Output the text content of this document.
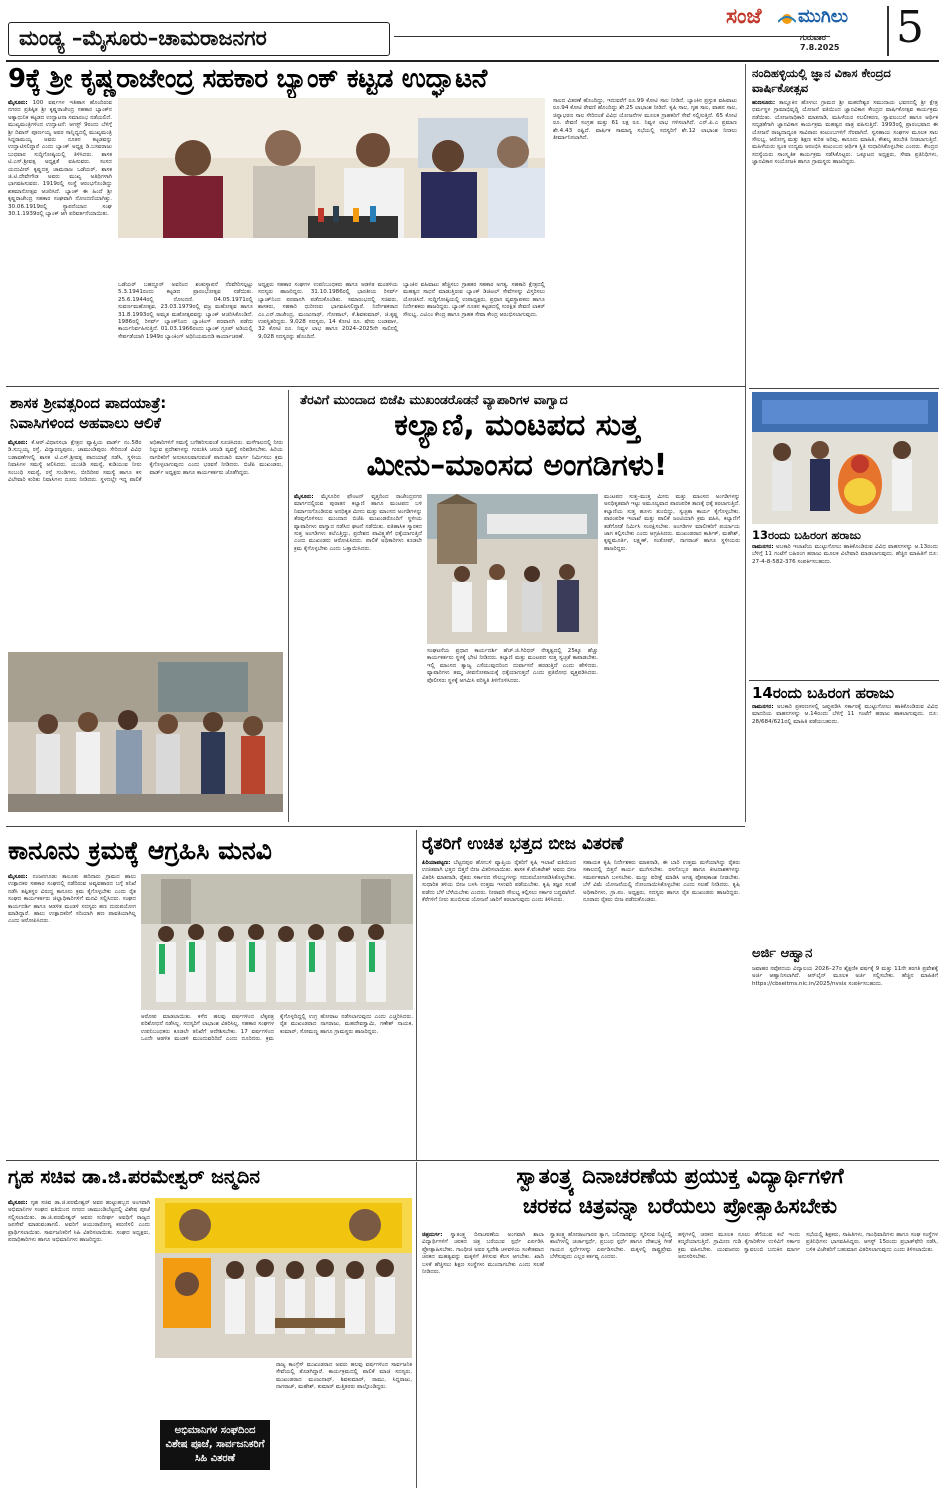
ಮಂಡ್ಯ –ಮೈಸೂರು–ಚಾಮರಾಜನಗರ
ಸಂಜೆ ಮುಗಿಲು
ಗುರುವಾರ
7.8.2025 5
9ಕ್ಕೆ ಶ್ರೀ ಕೃಷ್ಣರಾಜೇಂದ್ರ ಸಹಕಾರ ಬ್ಯಾಂಕ್ ಕಟ್ಟಡ ಉದ್ಘಾಟನೆ
ಮೈಸೂರು: 100 ವರ್ಷಗಳ ಇತಿಹಾಸ ಹೊಂದಿರುವ ನಗರದ ಪ್ರತಿಷ್ಠಿತ ಶ್ರೀ ಕೃಷ್ಣರಾಜೇಂದ್ರ ಸಹಕಾರ ಬ್ಯಾಂಕ್‌ನ ಅತ್ಯಾಧುನಿಕ ಕಟ್ಟಡದ ಉದ್ಘಾಟನಾ ಸಮಾರಂಭ ನಡೆಯಲಿದೆ. ಮುಖ್ಯಮಂತ್ರಿಗಳಿಂದ ಉದ್ಘಾಟನೆ: ಆಗಸ್ಟ್ 9ರಂದು ಬೆಳಿಗ್ಗೆ ಶ್ರೀ ದಿವಾನ್ ಪೂರ್ಣಯ್ಯ ಅವರ ಸಾನ್ನಿಧ್ಯದಲ್ಲಿ ಮುಖ್ಯಮಂತ್ರಿ ಸಿದ್ದರಾಮಯ್ಯ ಅವರು ನೂತನ ಕಟ್ಟಡವನ್ನು ಉದ್ಘಾಟಿಸಲಿದ್ದಾರೆ ಎಂದು ಬ್ಯಾಂಕ್ ಅಧ್ಯಕ್ಷ ಡಿ.ಬಸವರಾಜು ಬುಧವಾರ ಸುದ್ದಿಗೋಷ್ಠಿಯಲ್ಲಿ ತಿಳಿಸಿದರು. ಶಾಸಕ ಟಿ.ಎಸ್.ಶ್ರೀವತ್ಸ ಅಧ್ಯಕ್ಷತೆ ವಹಿಸುವರು. ಸಂಸದ ಯದುವೀರ್ ಕೃಷ್ಣದತ್ತ ಚಾಮರಾಜ ಒಡೆಯರ್, ಶಾಸಕ ಜಿ.ಟಿ.ದೇವೇಗೌಡ ಅವರು ಮುಖ್ಯ ಅತಿಥಿಗಳಾಗಿ ಭಾಗವಹಿಸುವರು. 1919ರಲ್ಲಿ ಸಂಸ್ಥೆ ಆರಂಭಗೊಂಡಿದ್ದು ಶತಮಾನೋತ್ಸವ ಆಚರಿಸಿದೆ. ಬ್ಯಾಂಕ್ ಈ ಹಿಂದೆ ಶ್ರೀ ಕೃಷ್ಣರಾಜೇಂದ್ರ ಸಹಕಾರ ಸಂಘವಾಗಿ ನೋಂದಣಿಯಾಗಿತ್ತು. 30.06.1919ರಲ್ಲಿ ಸ್ಥಾಪನೆಯಾದ ಸಂಘ 30.1.1939ರಲ್ಲಿ ಬ್ಯಾಂಕ್ ಆಗಿ ಪರಿವರ್ತನೆಯಾಯಿತು.
ಒಡೆಯರ್ ಬಹದ್ದೂರ್ ಅವರಿಂದ ಶಂಕುಸ್ಥಾಪನೆ ನೆರವೇರಿಸಲ್ಪಟ್ಟು 5.3.1941ರಂದು ಕಟ್ಟಡದ ಪ್ರಾರಂಭೋತ್ಸವ ನಡೆಯಿತು. 25.6.1944ರಲ್ಲಿ ನೋಂದಣಿ. 04.05.1971ರಲ್ಲಿ ಸುವರ್ಣಮಹೋತ್ಸವ, 23.03.1979ರಲ್ಲಿ ವಜ್ರ ಮಹೋತ್ಸವ ಹಾಗೂ 31.8.1993ರಲ್ಲಿ ಅಮೃತ ಮಹೋತ್ಸವವನ್ನು ಬ್ಯಾಂಕ್ ಆಚರಿಸಿಕೊಂಡಿದೆ. 1986ರಲ್ಲಿ ರಿಸರ್ವ್ ಬ್ಯಾಂಕ್‌ನಿಂದ ಬ್ಯಾಂಕಿಂಗ್ ಪರವಾನಗಿ ಪಡೆದು ಕಾರ್ಯನಿರ್ವಹಿಸುತ್ತಿದೆ. 01.03.1966ರಂದು ಬ್ಯಾಂಕ್ ಗ್ರೂಪ್ ಅಡಿಯಲ್ಲಿ ಸೇರ್ಪಡೆಯಾಗಿ 1949ರ ಬ್ಯಾಂಕಿಂಗ್ ಅಧಿನಿಯಮದಡಿ ಕಾರ್ಯಾಚರಣೆ.
ಅಧ್ಯಕ್ಷರು ಸಹಕಾರ ಸಂಘಗಳ ಉಪನಿಬಂಧಕರು ಹಾಗೂ ಆಡಳಿತ ಮಂಡಳಿಯ ಸದಸ್ಯರು ಹಾಜರಿದ್ದರು. 31.10.1986ರಲ್ಲಿ ಭಾರತೀಯ ರಿಸರ್ವ್ ಬ್ಯಾಂಕ್‌ನಿಂದ ಪರವಾನಗಿ ಪಡೆದುಕೊಂಡಿತು. ಸಮಾರಂಭದಲ್ಲಿ ಸಚಿವರು, ಶಾಸಕರು, ಸಹಕಾರಿ ಧುರೀಣರು ಭಾಗವಹಿಸಲಿದ್ದಾರೆ. ನಿರ್ದೇಶಕರಾದ ಎಂ.ಎನ್.ರಾಜೇಂದ್ರ, ಮಂಜುನಾಥ್, ಗೋಪಾಲ್, ಕೆ.ಶಿವಕುಮಾರ್, ಜಿ.ಕೃಷ್ಣ ಉಪಸ್ಥಿತರಿದ್ದರು. 9,028 ಸದಸ್ಯರು, 14 ಕೋಟಿ ರೂ. ಷೇರು ಬಂಡವಾಳ, 32 ಕೋಟಿ ರೂ. ನಿವ್ವಳ ಲಾಭ ಹಾಗೂ 2024–2025ನೇ ಸಾಲಿನಲ್ಲಿ 9,028 ಸದಸ್ಯರನ್ನು ಹೊಂದಿದೆ.
ಬ್ಯಾಂಕಿನ ವಹಿವಾಟು ಹೆಚ್ಚಿಸಲು ಗ್ರಾಹಕರ ಸಹಕಾರ ಅಗತ್ಯ. ಸಹಕಾರಿ ಕ್ಷೇತ್ರದಲ್ಲಿ ಮಹತ್ವದ ಸಾಧನೆ ಮಾಡುತ್ತಿರುವ ಬ್ಯಾಂಕ್ ಡಿಜಿಟಲ್ ಸೇವೆಗಳನ್ನು ವಿಸ್ತರಿಸಲು ಯೋಜಿಸಿದೆ. ಸುದ್ದಿಗೋಷ್ಠಿಯಲ್ಲಿ ಉಪಾಧ್ಯಕ್ಷರು, ಪ್ರಧಾನ ವ್ಯವಸ್ಥಾಪಕರು ಹಾಗೂ ನಿರ್ದೇಶಕರು ಹಾಜರಿದ್ದರು. ಬ್ಯಾಂಕ್ ನೂತನ ಕಟ್ಟಡದಲ್ಲಿ ಸುರಕ್ಷಿತ ಠೇವಣಿ ಲಾಕರ್ ಸೌಲಭ್ಯ, ಎಟಿಎಂ ಕೇಂದ್ರ ಹಾಗೂ ಗ್ರಾಹಕ ಸೇವಾ ಕೇಂದ್ರ ಆರಂಭಿಸಲಾಗುವುದು.
ಸಾಲದ ವಿತರಣೆ ಹೊಂದಿದ್ದು, ಇದುವರೆಗೆ ರೂ.99 ಕೋಟಿ ಸಾಲ ನೀಡಿದೆ. ಬ್ಯಾಂಕಿನ ಪ್ರಸ್ತುತ ವಹಿವಾಟು ರೂ.94 ಕೋಟಿ ಠೇವಣಿ ಹೊಂದಿದ್ದು ಶೇ.25 ಲಾಭಾಂಶ ನೀಡಿದೆ. ಕೃಷಿ ಸಾಲ, ಗೃಹ ಸಾಲ, ವಾಹನ ಸಾಲ, ಚಿನ್ನಾಭರಣ ಸಾಲ ಸೇರಿದಂತೆ ವಿವಿಧ ಯೋಜನೆಗಳ ಮೂಲಕ ಗ್ರಾಹಕರಿಗೆ ಸೇವೆ ಸಲ್ಲಿಸುತ್ತಿದೆ. 65 ಕೋಟಿ ರೂ. ಠೇವಣಿ ಸಂಗ್ರಹ ಮತ್ತು 61 ಲಕ್ಷ ರೂ. ನಿವ್ವಳ ಲಾಭ ಗಳಿಸಲಾಗಿದೆ. ಎನ್.ಪಿ.ಎ ಪ್ರಮಾಣ ಶೇ.4.43 ರಷ್ಟಿದೆ. ವಾರ್ಷಿಕ ಸಾಮಾನ್ಯ ಸಭೆಯಲ್ಲಿ ಸದಸ್ಯರಿಗೆ ಶೇ.12 ಲಾಭಾಂಶ ನೀಡಲು ತೀರ್ಮಾನಿಸಲಾಗಿದೆ.
ನಂದಿಹಳ್ಳಿಯಲ್ಲಿ ಜ್ಞಾನ ವಿಕಾಸ ಕೇಂದ್ರದ ವಾರ್ಷಿಕೋತ್ಸವ
ಹುಣಸೂರು: ತಾಲ್ಲೂಕಿನ ಹೊಳಲು ಗ್ರಾಮದ ಶ್ರೀ ಮಹದೇಶ್ವರ ಸಮುದಾಯ ಭವನದಲ್ಲಿ ಶ್ರೀ ಕ್ಷೇತ್ರ ಧರ್ಮಸ್ಥಳ ಗ್ರಾಮಾಭಿವೃದ್ಧಿ ಯೋಜನೆ ವತಿಯಿಂದ ಜ್ಞಾನವಿಕಾಸ ಕೇಂದ್ರದ ವಾರ್ಷಿಕೋತ್ಸವ ಕಾರ್ಯಕ್ರಮ ನಡೆಯಿತು. ಯೋಜನಾಧಿಕಾರಿ ಮಾತನಾಡಿ, ಮಹಿಳೆಯರ ಸಬಲೀಕರಣ, ಸ್ವಾವಲಂಬನೆ ಹಾಗೂ ಆರ್ಥಿಕ ಸದೃಢತೆಗಾಗಿ ಜ್ಞಾನವಿಕಾಸ ಕಾರ್ಯಕ್ರಮ ಮಹತ್ವದ ಪಾತ್ರ ವಹಿಸುತ್ತಿದೆ. 1993ರಲ್ಲಿ ಪ್ರಾರಂಭವಾದ ಈ ಯೋಜನೆ ರಾಜ್ಯದಾದ್ಯಂತ ಸಾವಿರಾರು ಕುಟುಂಬಗಳಿಗೆ ನೆರವಾಗಿದೆ. ಸ್ವಸಹಾಯ ಸಂಘಗಳ ಮೂಲಕ ಸಾಲ ಸೌಲಭ್ಯ, ಆರೋಗ್ಯ ಮತ್ತು ಶಿಕ್ಷಣ ಕುರಿತ ಅರಿವು, ಕಾನೂನು ಮಾಹಿತಿ, ಕೌಶಲ್ಯ ತರಬೇತಿ ನೀಡಲಾಗುತ್ತಿದೆ. ಮಹಿಳೆಯರು ಸ್ವಂತ ಉದ್ಯಮ ಆರಂಭಿಸಿ ಕುಟುಂಬದ ಆರ್ಥಿಕ ಸ್ಥಿತಿ ಸುಧಾರಿಸಿಕೊಳ್ಳಬೇಕು ಎಂದರು. ಕೇಂದ್ರದ ಸದಸ್ಯೆಯರು ಸಾಂಸ್ಕೃತಿಕ ಕಾರ್ಯಕ್ರಮ ನಡೆಸಿಕೊಟ್ಟರು. ಒಕ್ಕೂಟದ ಅಧ್ಯಕ್ಷರು, ಸೇವಾ ಪ್ರತಿನಿಧಿಗಳು, ಜ್ಞಾನವಿಕಾಸ ಸಂಯೋಜಕಿ ಹಾಗೂ ಗ್ರಾಮಸ್ಥರು ಹಾಜರಿದ್ದರು.
ಶಾಸಕ ಶ್ರೀವತ್ಸರಿಂದ ಪಾದಯಾತ್ರೆ:
ನಿವಾಸಿಗಳಿಂದ ಅಹವಾಲು ಆಲಿಕೆ
ಮೈಸೂರು: ಕೆ.ಆರ್.ವಿಧಾನಸಭಾ ಕ್ಷೇತ್ರದ ವ್ಯಾಪ್ತಿಯ ವಾರ್ಡ್ ನಂ.58ರ ಡಿ.ಸುಬ್ಬಯ್ಯ ರಸ್ತೆ, ವಿದ್ಯಾರಣ್ಯಪುರಂ, ಚಾಮುಂಡಿಪುರಂ ಸೇರಿದಂತೆ ವಿವಿಧ ಬಡಾವಣೆಗಳಲ್ಲಿ ಶಾಸಕ ಟಿ.ಎಸ್.ಶ್ರೀವತ್ಸ ಪಾದಯಾತ್ರೆ ನಡೆಸಿ, ಸ್ಥಳೀಯ ನಿವಾಸಿಗಳ ಸಮಸ್ಯೆ ಆಲಿಸಿದರು. ಯುಜಿಡಿ ಸಮಸ್ಯೆ, ಕುಡಿಯುವ ನೀರು ಸಂಬಂಧಿ ಸಮಸ್ಯೆ, ರಸ್ತೆ ಗುಂಡಿಗಳು, ಬೀದಿದೀಪ ಸಮಸ್ಯೆ ಹಾಗೂ ಕಸ ವಿಲೇವಾರಿ ಕುರಿತು ನಿವಾಸಿಗಳು ದೂರು ನೀಡಿದರು. ಸ್ಥಳದಲ್ಲೇ ಇದ್ದ ಪಾಲಿಕೆ ಅಧಿಕಾರಿಗಳಿಗೆ ಸಮಸ್ಯೆ ಬಗೆಹರಿಸುವಂತೆ ಸೂಚಿಸಿದರು. ಮಳೆಗಾಲದಲ್ಲಿ ನೀರು ನಿಲ್ಲುವ ಪ್ರದೇಶಗಳನ್ನು ಗುರುತಿಸಿ ಚರಂಡಿ ವ್ಯವಸ್ಥೆ ಸರಿಪಡಿಸಬೇಕು. ಹಿರಿಯ ನಾಗರಿಕರಿಗೆ ಅನುಕೂಲವಾಗುವಂತೆ ಪಾದಚಾರಿ ಮಾರ್ಗ ನಿರ್ಮಿಸಲು ಕ್ರಮ ಕೈಗೊಳ್ಳಲಾಗುವುದು ಎಂದು ಭರವಸೆ ನೀಡಿದರು. ಬಿಜೆಪಿ ಮುಖಂಡರು, ವಾರ್ಡ್ ಅಧ್ಯಕ್ಷರು ಹಾಗೂ ಕಾರ್ಯಕರ್ತರು ಜೊತೆಗಿದ್ದರು.
ತೆರವಿಗೆ ಮುಂದಾದ ಬಿಜೆಪಿ ಮುಖಂಡರೊಡನೆ ವ್ಯಾಪಾರಿಗಳ ವಾಗ್ವಾದ
ಕಲ್ಯಾಣಿ, ಮಂಟಪದ ಸುತ್ತ
ಮೀನು–ಮಾಂಸದ ಅಂಗಡಿಗಳು!
ಮೈಸೂರು: ಮೈಸೂರಿನ ಫೌಂಟನ್ ವೃತ್ತದಿಂದ ರಾಜೇಂದ್ರನಗರ ಮಾರ್ಗದಲ್ಲಿರುವ ಪುರಾತನ ಕಲ್ಯಾಣಿ ಹಾಗೂ ಮಂಟಪದ ಬಳಿ ನಿರ್ಮಾಣಗೊಂಡಿರುವ ಅನಧಿಕೃತ ಮೀನು ಮತ್ತು ಮಾಂಸದ ಅಂಗಡಿಗಳನ್ನು ತೆರವುಗೊಳಿಸಲು ಮುಂದಾದ ಬಿಜೆಪಿ ಮುಖಂಡರೊಂದಿಗೆ ಸ್ಥಳೀಯ ವ್ಯಾಪಾರಿಗಳು ವಾಗ್ವಾದ ನಡೆಸಿದ ಘಟನೆ ನಡೆಯಿತು. ಐತಿಹಾಸಿಕ ಸ್ಮಾರಕದ ಸುತ್ತ ಅಂಗಡಿಗಳು ತಲೆಎತ್ತಿದ್ದು, ಪ್ರದೇಶದ ಪಾವಿತ್ರ್ಯತೆಗೆ ಧಕ್ಕೆಯಾಗುತ್ತಿದೆ ಎಂದು ಮುಖಂಡರು ಆರೋಪಿಸಿದರು. ಪಾಲಿಕೆ ಅಧಿಕಾರಿಗಳು ಕೂಡಲೇ ಕ್ರಮ ಕೈಗೊಳ್ಳಬೇಕು ಎಂದು ಒತ್ತಾಯಿಸಿದರು.
ಸಂಘಟನೆಯ ಪ್ರಧಾನ ಕಾರ್ಯದರ್ಶಿ ಹೆಚ್.ಜಿ.ಗಿರಿಧರ್ ನೇತೃತ್ವದಲ್ಲಿ 25ಕ್ಕೂ ಹೆಚ್ಚು ಕಾರ್ಯಕರ್ತರು ಸ್ಥಳಕ್ಕೆ ಭೇಟಿ ನೀಡಿದರು. ಕಲ್ಯಾಣಿ ಮತ್ತು ಮಂಟಪದ ಸುತ್ತ ಸ್ವಚ್ಛತೆ ಕಾಪಾಡಬೇಕು. ಇಲ್ಲಿ ಮಾಂಸದ ತ್ಯಾಜ್ಯ ಎಸೆಯುವುದರಿಂದ ದುರ್ವಾಸನೆ ಹರಡುತ್ತಿದೆ ಎಂದು ಹೇಳಿದರು. ವ್ಯಾಪಾರಿಗಳು ತಮ್ಮ ಜೀವನೋಪಾಯಕ್ಕೆ ಧಕ್ಕೆಯಾಗುತ್ತದೆ ಎಂದು ಪ್ರತಿರೋಧ ವ್ಯಕ್ತಪಡಿಸಿದರು. ಪೊಲೀಸರು ಸ್ಥಳಕ್ಕೆ ಆಗಮಿಸಿ ಪರಿಸ್ಥಿತಿ ತಿಳಿಗೊಳಿಸಿದರು.
ಮಂಟಪದ ಸುತ್ತ–ಮುತ್ತ ಮೀನು ಮತ್ತು ಮಾಂಸದ ಅಂಗಡಿಗಳನ್ನು ಅನಧಿಕೃತವಾಗಿ ಇಟ್ಟು ಅಮೂಲ್ಯವಾದ ಪಾರಂಪರಿಕ ತಾಣಕ್ಕೆ ಧಕ್ಕೆ ತರಲಾಗುತ್ತಿದೆ. ಕಲ್ಯಾಣಿಯ ಸುತ್ತ ಹೂಳು ತುಂಬಿದ್ದು, ಸ್ವಚ್ಛತಾ ಕಾರ್ಯ ಕೈಗೊಳ್ಳಬೇಕು. ಪಾರಂಪರಿಕ ಇಲಾಖೆ ಮತ್ತು ಪಾಲಿಕೆ ಜಂಟಿಯಾಗಿ ಕ್ರಮ ವಹಿಸಿ, ಕಲ್ಯಾಣಿಗೆ ತಡೆಗೋಡೆ ನಿರ್ಮಿಸಿ ಸಂರಕ್ಷಿಸಬೇಕು. ಅಂಗಡಿಗಳ ಮಾಲೀಕರಿಗೆ ಪರ್ಯಾಯ ಜಾಗ ಕಲ್ಪಿಸಬೇಕು ಎಂದು ಆಗ್ರಹಿಸಿದರು. ಮುಖಂಡರಾದ ಕಾರ್ತಿಕ್, ಮಹೇಶ್, ಕೃಷ್ಣಮೂರ್ತಿ, ಲಕ್ಷ್ಮಣ್, ಸಂತೋಷ್, ನಾಗರಾಜ್ ಹಾಗೂ ಸ್ಥಳೀಯರು ಹಾಜರಿದ್ದರು.
13ರಂದು ಬಹಿರಂಗ ಹರಾಜು
ರಾಮನಗರ: ಅಬಕಾರಿ ಇಲಾಖೆಯ ಮುಟ್ಟುಗೋಲು ಹಾಕಿಕೊಂಡಿರುವ ವಿವಿಧ ವಾಹನಗಳನ್ನು ಆ.13ರಂದು ಬೆಳಿಗ್ಗೆ 11 ಗಂಟೆಗೆ ಬಹಿರಂಗ ಹರಾಜು ಮೂಲಕ ವಿಲೇವಾರಿ ಮಾಡಲಾಗುವುದು. ಹೆಚ್ಚಿನ ಮಾಹಿತಿಗೆ ದೂ: 27-4-8-582-376 ಸಂಪರ್ಕಿಸಬಹುದು.
14ರಂದು ಬಹಿರಂಗ ಹರಾಜು
ರಾಮನಗರ: ಅಬಕಾರಿ ಪ್ರಕರಣಗಳಲ್ಲಿ ಜಪ್ತುಪಡಿಸಿ ಸರ್ಕಾರಕ್ಕೆ ಮುಟ್ಟುಗೋಲು ಹಾಕಿಕೊಂಡಿರುವ ವಿವಿಧ ಮಾದರಿಯ ವಾಹನಗಳನ್ನು ಆ.14ರಂದು ಬೆಳಿಗ್ಗೆ 11 ಗಂಟೆಗೆ ಹರಾಜು ಹಾಕಲಾಗುವುದು. ದೂ: 28/684/621ರಲ್ಲಿ ಮಾಹಿತಿ ಪಡೆಯಬಹುದು.
ಕಾನೂನು ಕ್ರಮಕ್ಕೆ ಆಗ್ರಹಿಸಿ ಮನವಿ
ಮೈಸೂರು: ನಂಜನಗೂಡು ತಾಲೂಕು ಹದಿನಾರು ಗ್ರಾಮದ ಹಾಲು ಉತ್ಪಾದಕರ ಸಹಕಾರ ಸಂಘದಲ್ಲಿ ನಡೆದಿರುವ ಅವ್ಯವಹಾರದ ಬಗ್ಗೆ ತನಿಖೆ ನಡೆಸಿ ತಪ್ಪಿತಸ್ಥರ ವಿರುದ್ಧ ಕಾನೂನು ಕ್ರಮ ಕೈಗೊಳ್ಳಬೇಕು ಎಂದು ರೈತ ಸಂಘದ ಕಾರ್ಯಕರ್ತರು ಜಿಲ್ಲಾಧಿಕಾರಿಗಳಿಗೆ ಮನವಿ ಸಲ್ಲಿಸಿದರು. ಸಂಘದ ಕಾರ್ಯದರ್ಶಿ ಹಾಗೂ ಆಡಳಿತ ಮಂಡಳಿ ಸದಸ್ಯರು ಹಣ ದುರುಪಯೋಗ ಮಾಡಿದ್ದಾರೆ. ಹಾಲು ಉತ್ಪಾದಕರಿಗೆ ಸರಿಯಾಗಿ ಹಣ ಪಾವತಿಯಾಗಿಲ್ಲ ಎಂದು ಆರೋಪಿಸಿದರು.
ಆರೋಪ ಮಾಡಲಾಯಿತು. ಕಳೆದ ಹಲವು ವರ್ಷಗಳಿಂದ ಲೆಕ್ಕಪತ್ರ ಪರಿಶೋಧನೆ ನಡೆಸಿಲ್ಲ. ಸದಸ್ಯರಿಗೆ ಲಾಭಾಂಶ ವಿತರಿಸಿಲ್ಲ. ಸಹಕಾರ ಸಂಘಗಳ ಉಪನಿಬಂಧಕರು ಕೂಡಲೇ ತನಿಖೆಗೆ ಆದೇಶಿಸಬೇಕು. 17 ವರ್ಷಗಳಿಂದ ಒಂದೇ ಆಡಳಿತ ಮಂಡಳಿ ಮುಂದುವರಿದಿದೆ ಎಂದು ದೂರಿದರು. ಕ್ರಮ ಕೈಗೊಳ್ಳದಿದ್ದಲ್ಲಿ ಉಗ್ರ ಹೋರಾಟ ನಡೆಸಲಾಗುವುದು ಎಂದು ಎಚ್ಚರಿಸಿದರು. ರೈತ ಮುಖಂಡರಾದ ನಾಗರಾಜು, ಮಹದೇವಸ್ವಾಮಿ, ಗಣೇಶ್ ನಾಯಕ, ಕುಮಾರ್, ಸೋಮಣ್ಣ ಹಾಗೂ ಗ್ರಾಮಸ್ಥರು ಹಾಜರಿದ್ದರು.
ರೈತರಿಗೆ ಉಚಿತ ಭತ್ತದ ಬೀಜ ವಿತರಣೆ
ಪಿರಿಯಾಪಟ್ಟಣ: ಬೆಟ್ಟದಪುರ ಹೋಬಳಿ ವ್ಯಾಪ್ತಿಯ ರೈತರಿಗೆ ಕೃಷಿ ಇಲಾಖೆ ವತಿಯಿಂದ ಉಚಿತವಾಗಿ ಭತ್ತದ ಬಿತ್ತನೆ ಬೀಜ ವಿತರಿಸಲಾಯಿತು. ಶಾಸಕ ಕೆ.ವೆಂಕಟೇಶ್ ಅವರು ಬೀಜ ವಿತರಿಸಿ ಮಾತನಾಡಿ, ರೈತರು ಸರ್ಕಾರದ ಸೌಲಭ್ಯಗಳನ್ನು ಸದುಪಯೋಗಪಡಿಸಿಕೊಳ್ಳಬೇಕು. ಸುಧಾರಿತ ತಳಿಯ ಬೀಜ ಬಳಸಿ ಉತ್ತಮ ಇಳುವರಿ ಪಡೆಯಬೇಕು. ಕೃಷಿ ತಜ್ಞರ ಸಲಹೆ ಪಡೆದು ಬೆಳೆ ಬೆಳೆಯಬೇಕು ಎಂದರು. ನೀರಾವರಿ ಸೌಲಭ್ಯ ಕಲ್ಪಿಸಲು ಸರ್ಕಾರ ಬದ್ಧವಾಗಿದೆ. ಕೆರೆಗಳಿಗೆ ನೀರು ತುಂಬಿಸುವ ಯೋಜನೆ ಜಾರಿಗೆ ತರಲಾಗುವುದು ಎಂದು ತಿಳಿಸಿದರು.
ಸಹಾಯಕ ಕೃಷಿ ನಿರ್ದೇಶಕರು ಮಾತನಾಡಿ, ಈ ಬಾರಿ ಉತ್ತಮ ಮಳೆಯಾಗಿದ್ದು ರೈತರು ಸಕಾಲದಲ್ಲಿ ಬಿತ್ತನೆ ಕಾರ್ಯ ಮುಗಿಸಬೇಕು. ರಸಗೊಬ್ಬರ ಹಾಗೂ ಕೀಟನಾಶಕಗಳನ್ನು ಸಮರ್ಪಕವಾಗಿ ಬಳಸಬೇಕು. ಮಣ್ಣು ಪರೀಕ್ಷೆ ಮಾಡಿಸಿ ಅಗತ್ಯ ಪೋಷಕಾಂಶ ನೀಡಬೇಕು. ಬೆಳೆ ವಿಮೆ ಯೋಜನೆಯಲ್ಲಿ ನೋಂದಾಯಿಸಿಕೊಳ್ಳಬೇಕು ಎಂದು ಸಲಹೆ ನೀಡಿದರು. ಕೃಷಿ ಅಧಿಕಾರಿಗಳು, ಗ್ರಾ.ಪಂ. ಅಧ್ಯಕ್ಷರು, ಸದಸ್ಯರು ಹಾಗೂ ರೈತ ಮುಖಂಡರು ಹಾಜರಿದ್ದರು. ನೂರಾರು ರೈತರು ಬೀಜ ಪಡೆದುಕೊಂಡರು.
ಅರ್ಜಿ ಆಹ್ವಾನ
ಜವಾಹರ ನವೋದಯ ವಿದ್ಯಾಲಯ 2026–27ರ ಶೈಕ್ಷಣಿಕ ವರ್ಷಕ್ಕೆ 9 ಮತ್ತು 11ನೇ ತರಗತಿ ಪ್ರವೇಶಕ್ಕೆ ಅರ್ಜಿ ಆಹ್ವಾನಿಸಲಾಗಿದೆ. ಆನ್‌ಲೈನ್ ಮೂಲಕ ಅರ್ಜಿ ಸಲ್ಲಿಸಬೇಕು. ಹೆಚ್ಚಿನ ಮಾಹಿತಿಗೆ https://cbseitms.nic.in/2025/nvsix ಸಂಪರ್ಕಿಸಬಹುದು.
ಗೃಹ ಸಚಿವ ಡಾ.ಜಿ.ಪರಮೇಶ್ವರ್ ಜನ್ಮದಿನ
ಮೈಸೂರು: ಗೃಹ ಸಚಿವ ಡಾ.ಜಿ.ಪರಮೇಶ್ವರ್ ಅವರ ಹುಟ್ಟುಹಬ್ಬದ ಅಂಗವಾಗಿ ಅಭಿಮಾನಿಗಳ ಸಂಘದ ವತಿಯಿಂದ ನಗರದ ಚಾಮುಂಡಿಬೆಟ್ಟದಲ್ಲಿ ವಿಶೇಷ ಪೂಜೆ ಸಲ್ಲಿಸಲಾಯಿತು. ಡಾ.ಜಿ.ಪರಮೇಶ್ವರ್ ಅವರು ಸುದೀರ್ಘ ಅವಧಿಗೆ ರಾಜ್ಯದ ಜನಸೇವೆ ಮಾಡುವಂತಾಗಲಿ. ಅವರಿಗೆ ಆಯುರಾರೋಗ್ಯ ಕರುಣಿಸಲಿ ಎಂದು ಪ್ರಾರ್ಥಿಸಲಾಯಿತು. ಸಾರ್ವಜನಿಕರಿಗೆ ಸಿಹಿ ವಿತರಿಸಲಾಯಿತು. ಸಂಘದ ಅಧ್ಯಕ್ಷರು, ಪದಾಧಿಕಾರಿಗಳು ಹಾಗೂ ಅಭಿಮಾನಿಗಳು ಹಾಜರಿದ್ದರು.
ಅಭಿಮಾನಿಗಳ ಸಂಘದಿಂದ ವಿಶೇಷ ಪೂಜೆ, ಸಾರ್ವಜನಿಕರಿಗೆ ಸಿಹಿ ವಿತರಣೆ
ರಾಜ್ಯ ಕಾಂಗ್ರೆಸ್ ಮುಖಂಡರಾದ ಅವರು ಹಲವು ವರ್ಷಗಳಿಂದ ಸಾರ್ವಜನಿಕ ಸೇವೆಯಲ್ಲಿ ತೊಡಗಿದ್ದಾರೆ. ಕಾರ್ಯಕ್ರಮದಲ್ಲಿ ಪಾಲಿಕೆ ಮಾಜಿ ಸದಸ್ಯರು, ಮುಖಂಡರಾದ ಮಂಜುನಾಥ್, ಶಿವಕುಮಾರ್, ರಾಮು, ಸಿದ್ದರಾಜು, ನಾಗರಾಜ್, ಮಹೇಶ್, ಕುಮಾರ್ ಮತ್ತಿತರರು ಪಾಲ್ಗೊಂಡಿದ್ದರು.
ಸ್ವಾತಂತ್ರ್ಯ ದಿನಾಚರಣೆಯ ಪ್ರಯುಕ್ತ ವಿದ್ಯಾರ್ಥಿಗಳಿಗೆ
ಚರಕದ ಚಿತ್ರವನ್ನಾ ಬರೆಯಲು ಪ್ರೋತ್ಸಾಹಿಸಬೇಕು
ಚಿತ್ರದುರ್ಗ: ಸ್ವಾತಂತ್ರ್ಯ ದಿನಾಚರಣೆಯ ಅಂಗವಾಗಿ ಶಾಲಾ ವಿದ್ಯಾರ್ಥಿಗಳಿಗೆ ಚರಕದ ಚಿತ್ರ ಬರೆಯುವ ಸ್ಪರ್ಧೆ ಏರ್ಪಡಿಸಿ ಪ್ರೋತ್ಸಾಹಿಸಬೇಕು. ಗಾಂಧೀಜಿ ಅವರ ಸ್ವದೇಶಿ ಚಳವಳಿಯ ಸಂಕೇತವಾದ ಚರಕದ ಮಹತ್ವವನ್ನು ಮಕ್ಕಳಿಗೆ ತಿಳಿಸುವ ಕೆಲಸ ಆಗಬೇಕು. ಖಾದಿ ಬಳಕೆ ಹೆಚ್ಚಿಸಲು ಶಿಕ್ಷಣ ಸಂಸ್ಥೆಗಳು ಮುಂದಾಗಬೇಕು ಎಂದು ಸಲಹೆ ನೀಡಿದರು.
ಸ್ವಾತಂತ್ರ್ಯ ಹೋರಾಟಗಾರರ ತ್ಯಾಗ, ಬಲಿದಾನವನ್ನು ಸ್ಮರಿಸುವ ನಿಟ್ಟಿನಲ್ಲಿ ಶಾಲೆಗಳಲ್ಲಿ ಚರ್ಚಾಸ್ಪರ್ಧೆ, ಪ್ರಬಂಧ ಸ್ಪರ್ಧೆ ಹಾಗೂ ದೇಶಭಕ್ತಿ ಗೀತೆ ಗಾಯನ ಸ್ಪರ್ಧೆಗಳನ್ನು ಏರ್ಪಡಿಸಬೇಕು. ಮಕ್ಕಳಲ್ಲಿ ರಾಷ್ಟ್ರಪ್ರೇಮ ಬೆಳೆಸುವುದು ಎಲ್ಲರ ಕರ್ತವ್ಯ ಎಂದರು.
ಹಳ್ಳಿಗಳಲ್ಲಿ ಚರಕದ ಮೂಲಕ ನೂಲು ತೆಗೆಯುವ ಕಲೆ ಇಂದು ಕಣ್ಮರೆಯಾಗುತ್ತಿದೆ. ಗ್ರಾಮೀಣ ಗುಡಿ ಕೈಗಾರಿಕೆಗಳ ಉಳಿವಿಗೆ ಸರ್ಕಾರ ಕ್ರಮ ವಹಿಸಬೇಕು. ಯುವಜನರು ಸ್ವಾವಲಂಬಿ ಬದುಕಿನ ಮಾರ್ಗ ಅನುಸರಿಸಬೇಕು.
ಸಭೆಯಲ್ಲಿ ಶಿಕ್ಷಕರು, ಸಾಹಿತಿಗಳು, ಗಾಂಧಿವಾದಿಗಳು ಹಾಗೂ ಸಂಘ ಸಂಸ್ಥೆಗಳ ಪ್ರತಿನಿಧಿಗಳು ಭಾಗವಹಿಸಿದ್ದರು. ಆಗಸ್ಟ್ 15ರಂದು ಪ್ರಭಾತ್‌ಫೇರಿ ನಡೆಸಿ, ಬಳಿಕ ವಿಜೇತರಿಗೆ ಬಹುಮಾನ ವಿತರಿಸಲಾಗುವುದು ಎಂದು ತಿಳಿಸಲಾಯಿತು.
